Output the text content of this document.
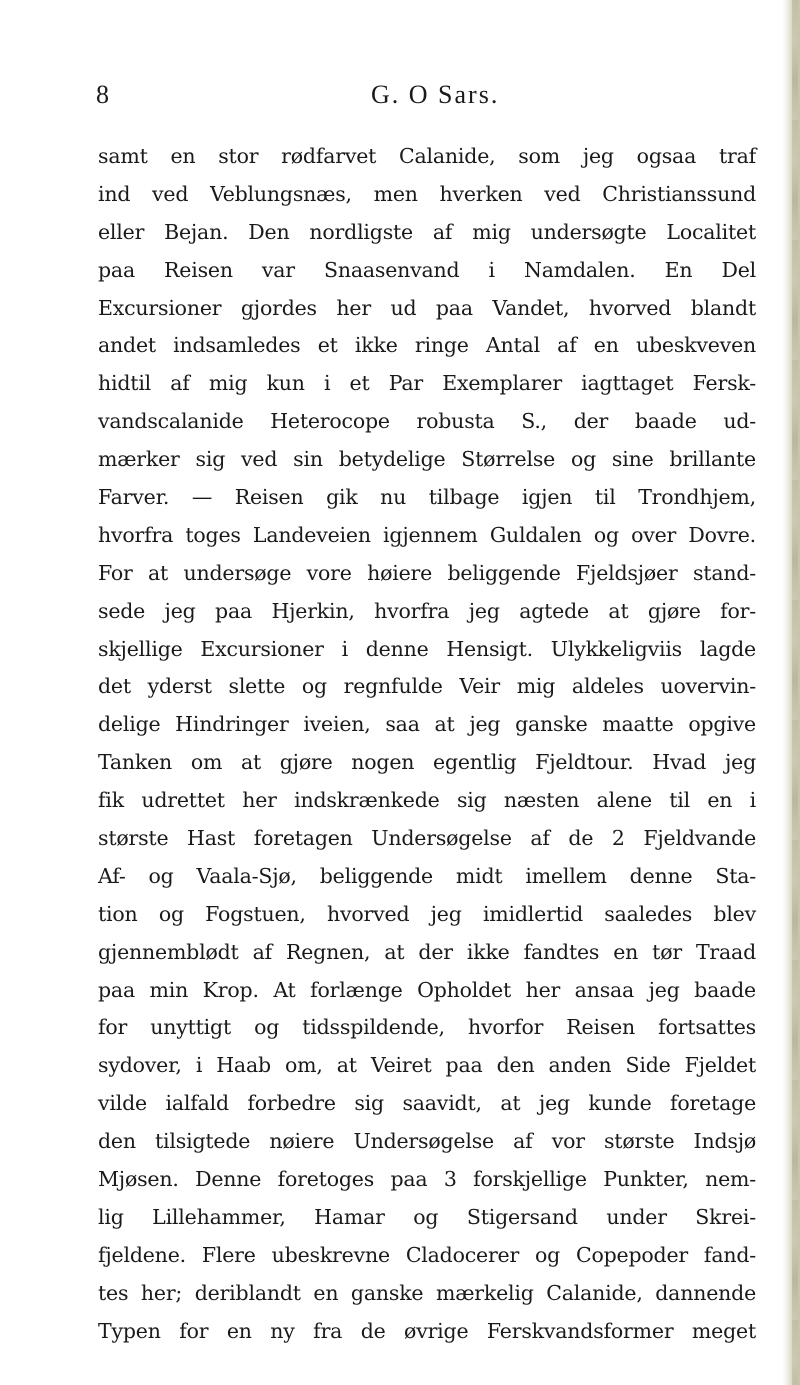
8	G. O Sars.
samt en stor rødfarvet Calanide, som jeg ogsaa traf
ind ved Veblungsnæs, men hverken ved Christianssund
eller Bejan. Den nordligste af mig undersøgte Localitet
paa Reisen var Snaasenvand i Namdalen. En Del
Excursioner gjordes her ud paa Vandet, hvorved blandt
andet indsamledes et ikke ringe Antal af en ubeskveven
hidtil af mig kun i et Par Exemplarer iagttaget Fersk-
vandscalanide Heterocope robusta S., der baade ud-
mærker sig ved sin betydelige Størrelse og sine brillante
Farver. — Reisen gik nu tilbage igjen til Trondhjem,
hvorfra toges Landeveien igjennem Guldalen og over Dovre.
For at undersøge vore høiere beliggende Fjeldsjøer stand-
sede jeg paa Hjerkin, hvorfra jeg agtede at gjøre for-
skjellige Excursioner i denne Hensigt. Ulykkeligviis lagde
det yderst slette og regnfulde Veir mig aldeles uovervin-
delige Hindringer iveien, saa at jeg ganske maatte opgive
Tanken om at gjøre nogen egentlig Fjeldtour. Hvad jeg
fik udrettet her indskrænkede sig næsten alene til en i
største Hast foretagen Undersøgelse af de 2 Fjeldvande
Af- og Vaala-Sjø, beliggende midt imellem denne Sta-
tion og Fogstuen, hvorved jeg imidlertid saaledes blev
gjennemblødt af Regnen, at der ikke fandtes en tør Traad
paa min Krop. At forlænge Opholdet her ansaa jeg baade
for unyttigt og tidsspildende, hvorfor Reisen fortsattes
sydover, i Haab om, at Veiret paa den anden Side Fjeldet
vilde ialfald forbedre sig saavidt, at jeg kunde foretage
den tilsigtede nøiere Undersøgelse af vor største Indsjø
Mjøsen. Denne foretoges paa 3 forskjellige Punkter, nem-
lig Lillehammer, Hamar og Stigersand under Skrei-
fjeldene. Flere ubeskrevne Cladocerer og Copepoder fand-
tes her; deriblandt en ganske mærkelig Calanide, dannende
Typen for en ny fra de øvrige Ferskvandsformer meget
